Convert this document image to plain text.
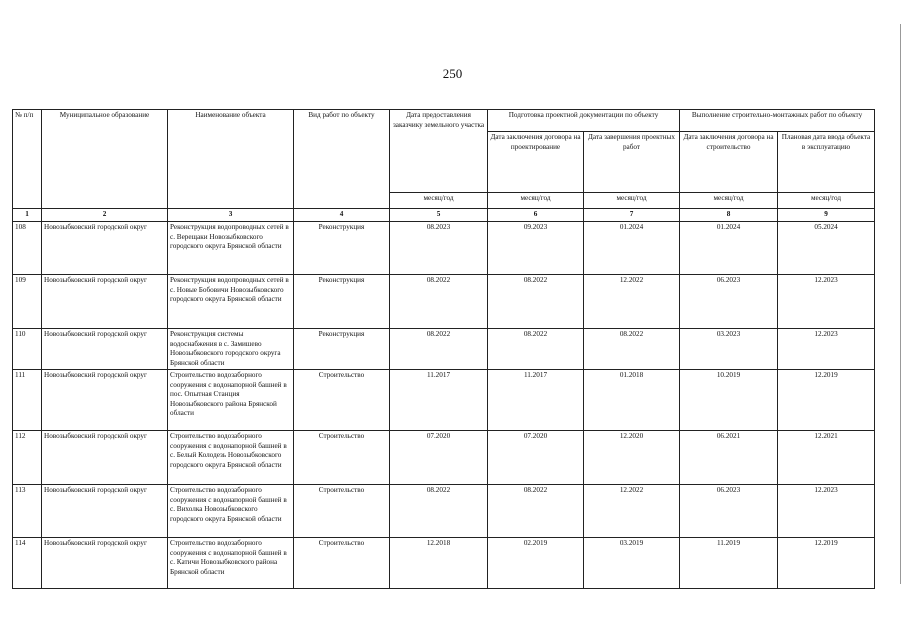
250
№ п/п	Муниципальное образование	Наименование объекта	Вид работ по объекту	Дата предоставления заказчику земельного участка	Подготовка проектной документации по объекту		Выполнение строительно-монтажных работ по объекту	
					Дата заключения договора на проектирование	Дата завершения проектных работ	Дата заключения договора на строительство	Плановая дата ввода объекта в эксплуатацию
				месяц/год	месяц/год	месяц/год	месяц/год	месяц/год
1	2	3	4	5	6	7	8	9
108	Новозыбковский городской округ	Реконструкция водопроводных сетей в с. Верещаки Новозыбковского городского округа Брянской области	Реконструкция	08.2023	09.2023	01.2024	01.2024	05.2024
109	Новозыбковский городской округ	Реконструкция водопроводных сетей в с. Новые Бобовичи Новозыбковского городского округа Брянской области	Реконструкция	08.2022	08.2022	12.2022	06.2023	12.2023
110	Новозыбковский городской округ	Реконструкция системы водоснабжения в с. Замишево Новозыбковского городского округа Брянской области	Реконструкция	08.2022	08.2022	08.2022	03.2023	12.2023
111	Новозыбковский городской округ	Строительство водозаборного сооружения с водонапорной башней в пос. Опытная Станция Новозыбковского района Брянской области	Строительство	11.2017	11.2017	01.2018	10.2019	12.2019
112	Новозыбковский городской округ	Строительство водозаборного сооружения с водонапорной башней в с. Белый Колодезь Новозыбковского городского округа Брянской области	Строительство	07.2020	07.2020	12.2020	06.2021	12.2021
113	Новозыбковский городской округ	Строительство водозаборного сооружения с водонапорной башней в с. Вихолка Новозыбковского городского округа Брянской области	Строительство	08.2022	08.2022	12.2022	06.2023	12.2023
114	Новозыбковский городской округ	Строительство водозаборного сооружения с водонапорной башней в с. Катичи Новозыбковского района Брянской области	Строительство	12.2018	02.2019	03.2019	11.2019	12.2019
